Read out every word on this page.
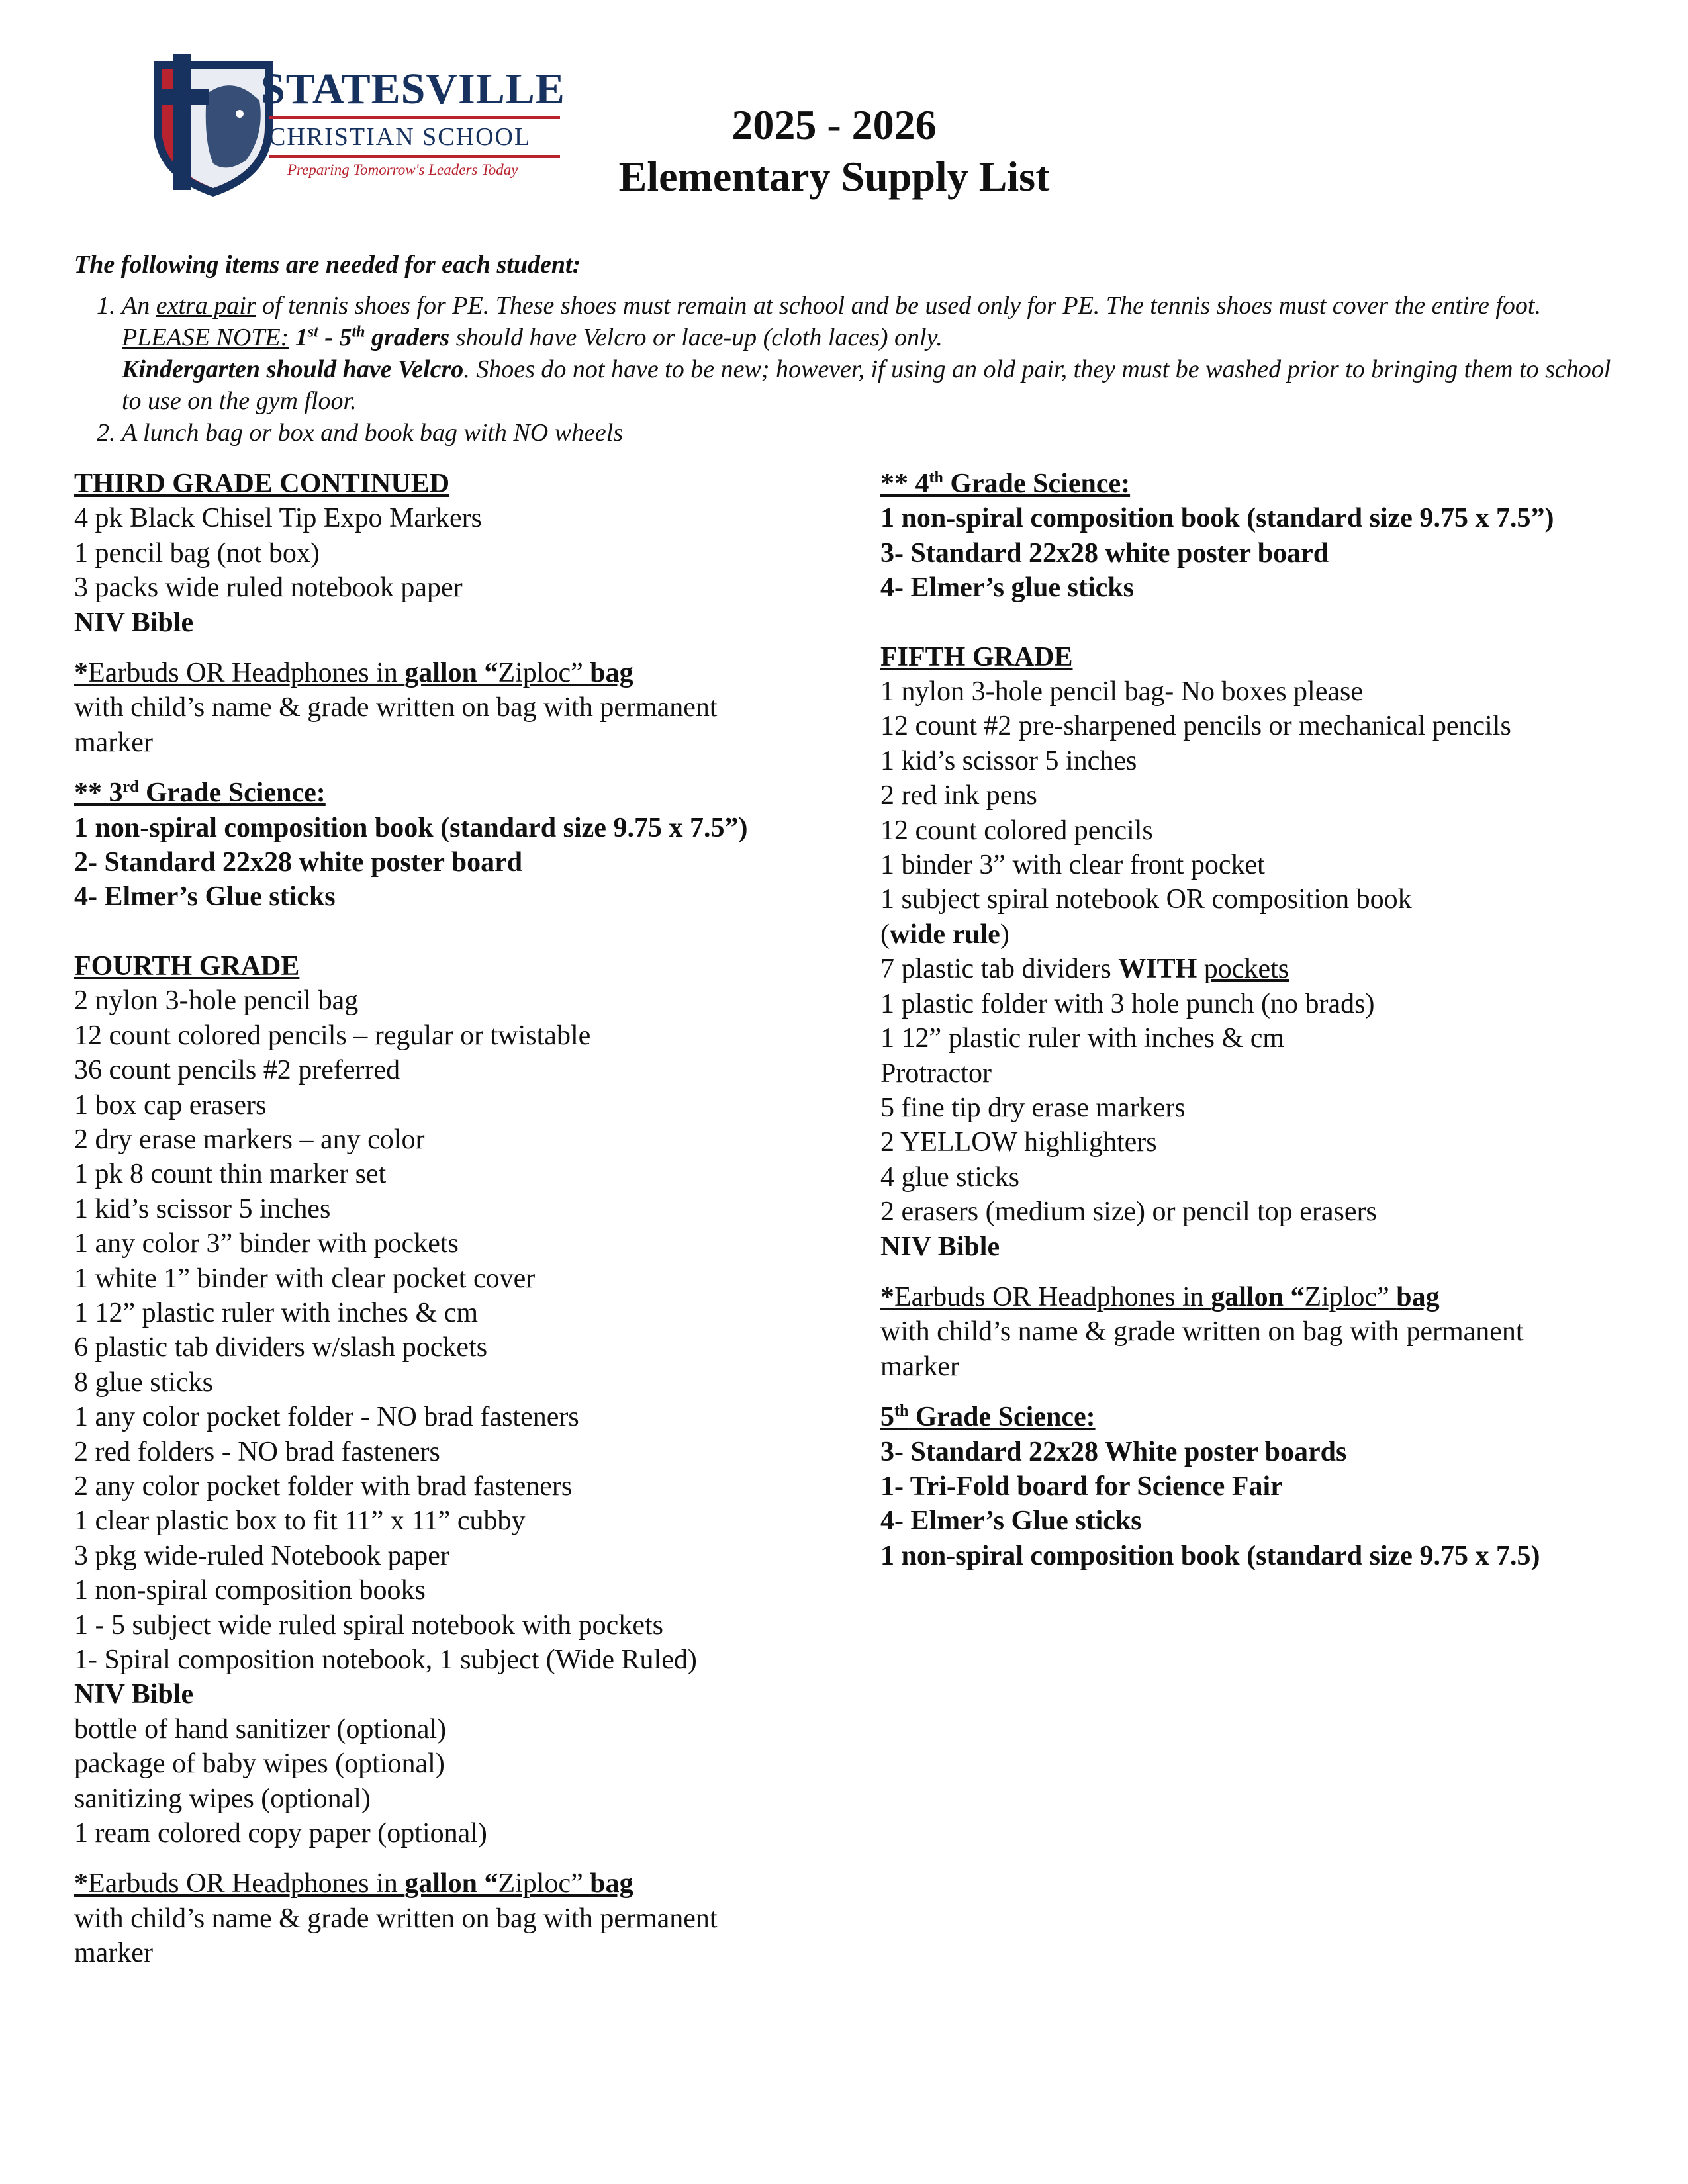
STATESVILLE
CHRISTIAN SCHOOL
Preparing Tomorrow's Leaders Today
2025 - 2026
Elementary Supply List
The following items are needed for each student:
1. An extra pair of tennis shoes for PE. These shoes must remain at school and be used only for PE. The tennis shoes must cover the entire foot. PLEASE NOTE: 1st - 5th graders should have Velcro or lace-up (cloth laces) only.
Kindergarten should have Velcro. Shoes do not have to be new; however, if using an old pair, they must be washed prior to bringing them to school to use on the gym floor.
2. A lunch bag or box and book bag with NO wheels
THIRD GRADE CONTINUED
4 pk Black Chisel Tip Expo Markers
1 pencil bag (not box)
3 packs wide ruled notebook paper
NIV Bible
*Earbuds OR Headphones in gallon “Ziploc” bag
with child’s name & grade written on bag with permanent
marker
** 3rd Grade Science:
1 non-spiral composition book (standard size 9.75 x 7.5”)
2- Standard 22x28 white poster board
4- Elmer’s Glue sticks
FOURTH GRADE
2 nylon 3-hole pencil bag
12 count colored pencils – regular or twistable
36 count pencils #2 preferred
1 box cap erasers
2 dry erase markers – any color
1 pk 8 count thin marker set
1 kid’s scissor 5 inches
1 any color 3” binder with pockets
1 white 1” binder with clear pocket cover
1 12” plastic ruler with inches & cm
6 plastic tab dividers w/slash pockets
8 glue sticks
1 any color pocket folder - NO brad fasteners
2 red folders - NO brad fasteners
2 any color pocket folder with brad fasteners
1 clear plastic box to fit 11” x 11” cubby
3 pkg wide-ruled Notebook paper
1 non-spiral composition books
1 - 5 subject wide ruled spiral notebook with pockets
1- Spiral composition notebook, 1 subject (Wide Ruled)
NIV Bible
bottle of hand sanitizer (optional)
package of baby wipes (optional)
sanitizing wipes (optional)
1 ream colored copy paper (optional)
*Earbuds OR Headphones in gallon “Ziploc” bag
with child’s name & grade written on bag with permanent
marker
** 4th Grade Science:
1 non-spiral composition book (standard size 9.75 x 7.5”)
3- Standard 22x28 white poster board
4- Elmer’s glue sticks
FIFTH GRADE
1 nylon 3-hole pencil bag- No boxes please
12 count #2 pre-sharpened pencils or mechanical pencils
1 kid’s scissor 5 inches
2 red ink pens
12 count colored pencils
1 binder 3” with clear front pocket
1 subject spiral notebook OR composition book
(wide rule)
7 plastic tab dividers WITH pockets
1 plastic folder with 3 hole punch (no brads)
1 12” plastic ruler with inches & cm
Protractor
5 fine tip dry erase markers
2 YELLOW highlighters
4 glue sticks
2 erasers (medium size) or pencil top erasers
NIV Bible
*Earbuds OR Headphones in gallon “Ziploc” bag
with child’s name & grade written on bag with permanent
marker
5th Grade Science:
3- Standard 22x28 White poster boards
1- Tri-Fold board for Science Fair
4- Elmer’s Glue sticks
1 non-spiral composition book (standard size 9.75 x 7.5)
